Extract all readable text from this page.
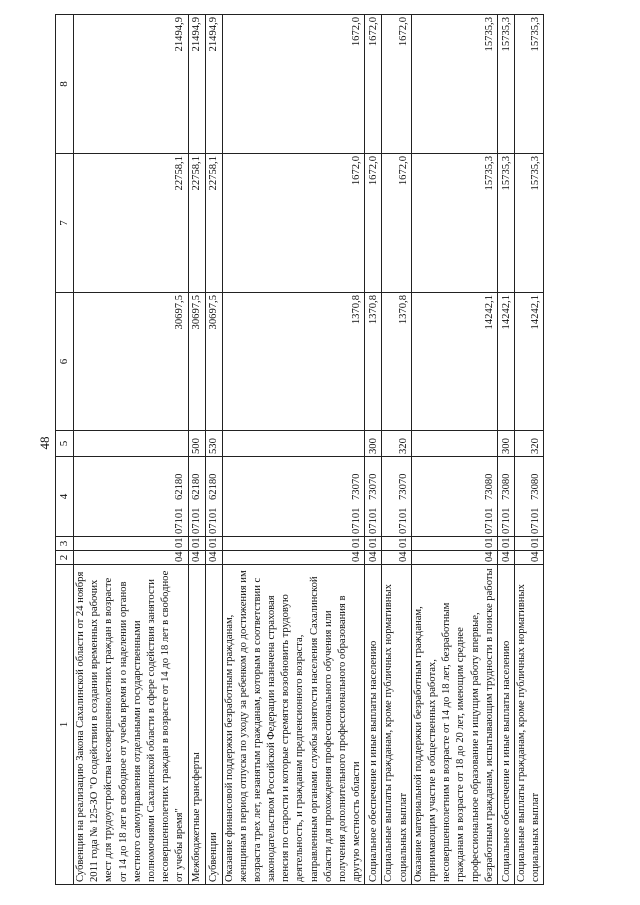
48
1	2	3	4	5	6	7	8
Субвенция на реализацию Закона Сахалинской области от 24 ноября 2011 года № 125-ЗО "О содействии в создании временных рабочих мест для трудоустройства несовершеннолетних граждан в возрасте от 14 до 18 лет в свободное от учебы время и о наделении органов местного самоуправления отдельными государственными полномочиями Сахалинской области в сфере содействия занятости несовершеннолетних граждан в возрасте от 14 до 18 лет в свободное от учебы время"	04	01	0710162180		30697,5	22758,1	21494,9
Межбюджетные трансферты	04	01	0710162180	500	30697,5	22758,1	21494,9
Субвенции	04	01	0710162180	530	30697,5	22758,1	21494,9
Оказание финансовой поддержки безработным гражданам, женщинам в период отпуска по уходу за ребенком до достижения им возраста трех лет, незанятым гражданам, которым в соответствии с законодательством Российской Федерации назначена страховая пенсия по старости и которые стремятся возобновить трудовую деятельность, и гражданам предпенсионного возраста, направленным органами службы занятости населения Сахалинской области для прохождения профессионального обучения или получения дополнительного профессионального образования в другую местность области	04	01	0710173070		1370,8	1672,0	1672,0
Социальное обеспечение и иные выплаты населению	04	01	0710173070	300	1370,8	1672,0	1672,0
Социальные выплаты гражданам, кроме публичных нормативных социальных выплат	04	01	0710173070	320	1370,8	1672,0	1672,0
Оказание материальной поддержки безработным гражданам, принимающим участие в общественных работах, несовершеннолетним в возрасте от 14 до 18 лет, безработным гражданам в возрасте от 18 до 20 лет, имеющим среднее профессиональное образование и ищущим работу впервые, безработным гражданам, испытывающим трудности в поиске работы	04	01	0710173080		14242,1	15735,3	15735,3
Социальное обеспечение и иные выплаты населению	04	01	0710173080	300	14242,1	15735,3	15735,3
Социальные выплаты гражданам, кроме публичных нормативных социальных выплат	04	01	0710173080	320	14242,1	15735,3	15735,3
